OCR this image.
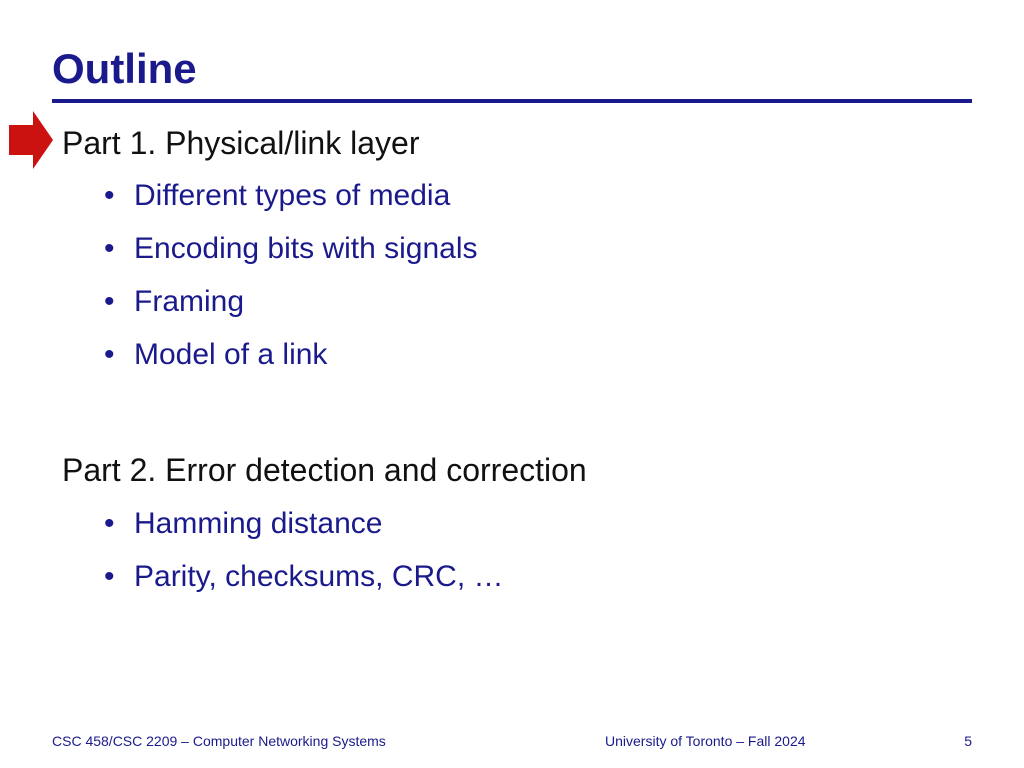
Outline
Part 1. Physical/link layer
• Different types of media
• Encoding bits with signals
• Framing
• Model of a link
Part 2. Error detection and correction
• Hamming distance
• Parity, checksums, CRC, …
CSC 458/CSC 2209 – Computer Networking Systems	University of Toronto – Fall 2024	5
